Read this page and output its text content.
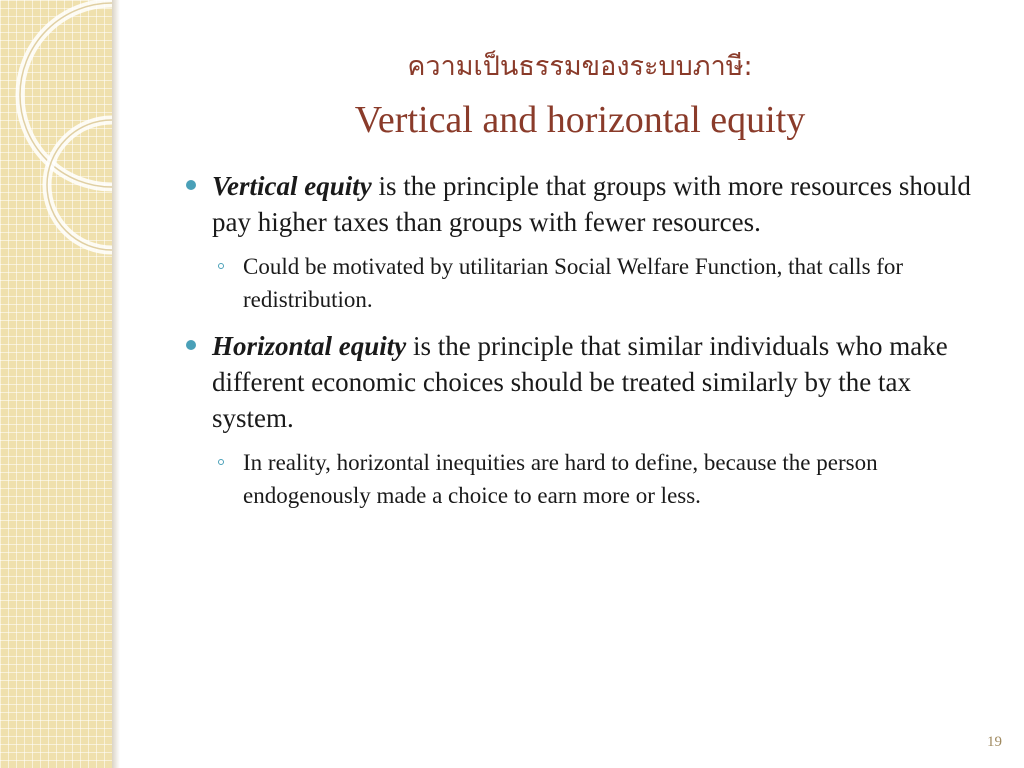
ความเป็นธรรมของระบบภาษี:
Vertical and horizontal equity
Vertical equity is the principle that groups with more resources should pay higher taxes than groups with fewer resources.
Could be motivated by utilitarian Social Welfare Function, that calls for redistribution.
Horizontal equity is the principle that similar individuals who make different economic choices should be treated similarly by the tax system.
In reality, horizontal inequities are hard to define, because the person endogenously made a choice to earn more or less.
19
